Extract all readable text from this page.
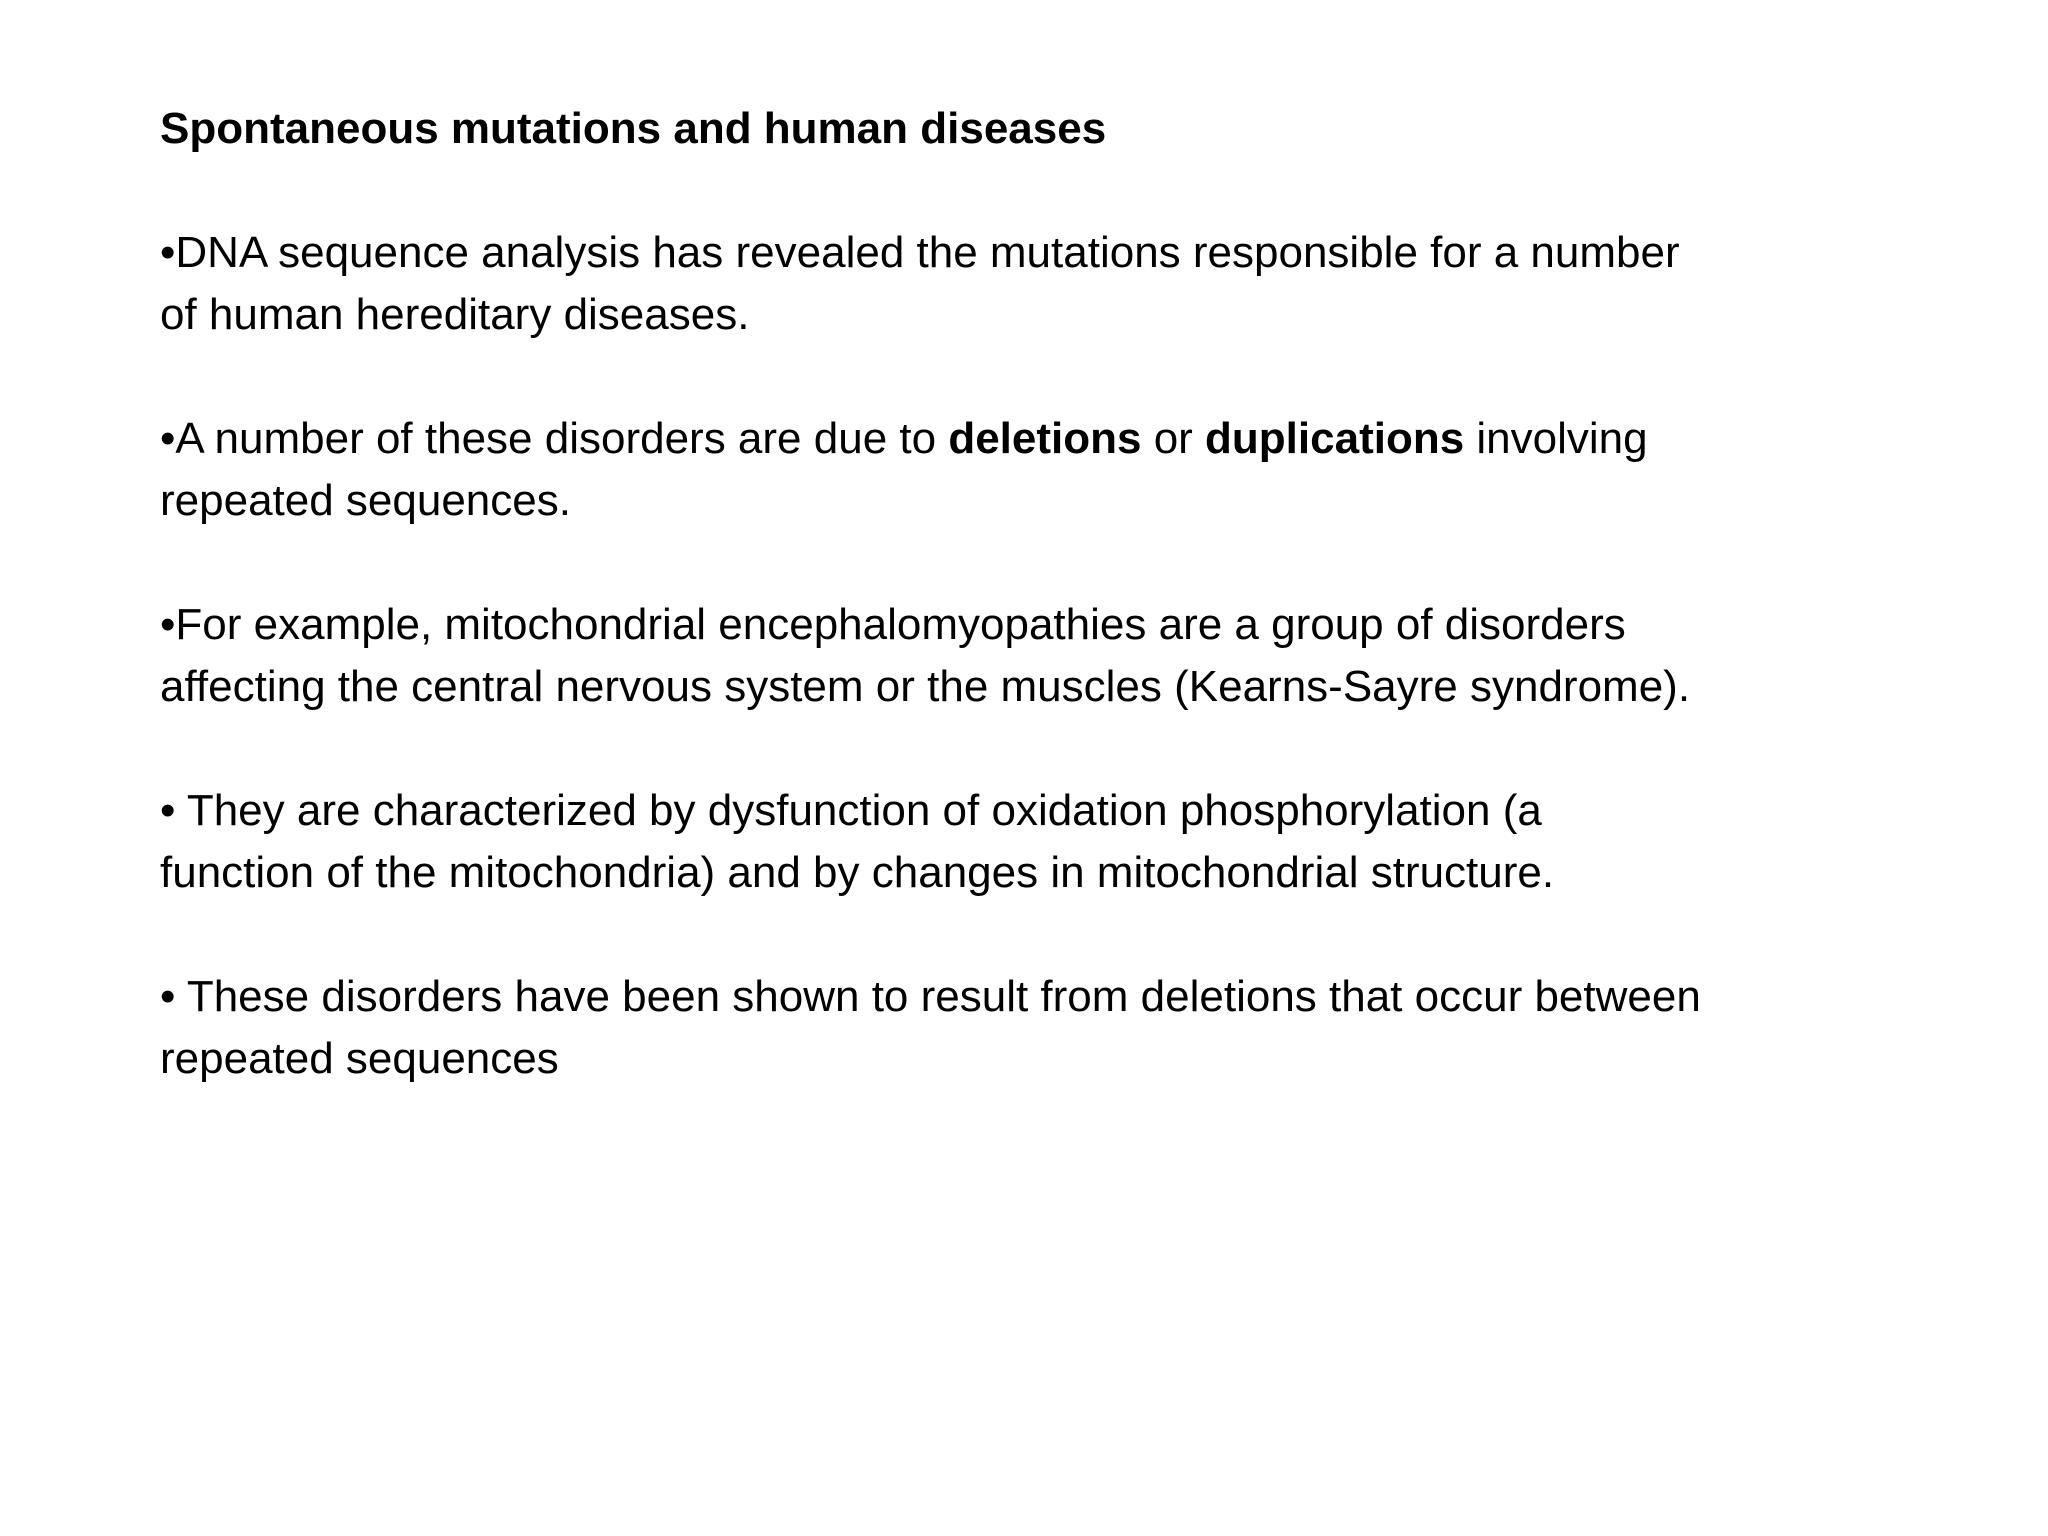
Spontaneous mutations and human diseases
•DNA sequence analysis has revealed the mutations responsible for a number
of human hereditary diseases.
•A number of these disorders are due to deletions or duplications involving
repeated sequences.
•For example, mitochondrial encephalomyopathies are a group of disorders
affecting the central nervous system or the muscles (Kearns-Sayre syndrome).
• They are characterized by dysfunction of oxidation phosphorylation (a
function of the mitochondria) and by changes in mitochondrial structure.
• These disorders have been shown to result from deletions that occur between
repeated sequences
